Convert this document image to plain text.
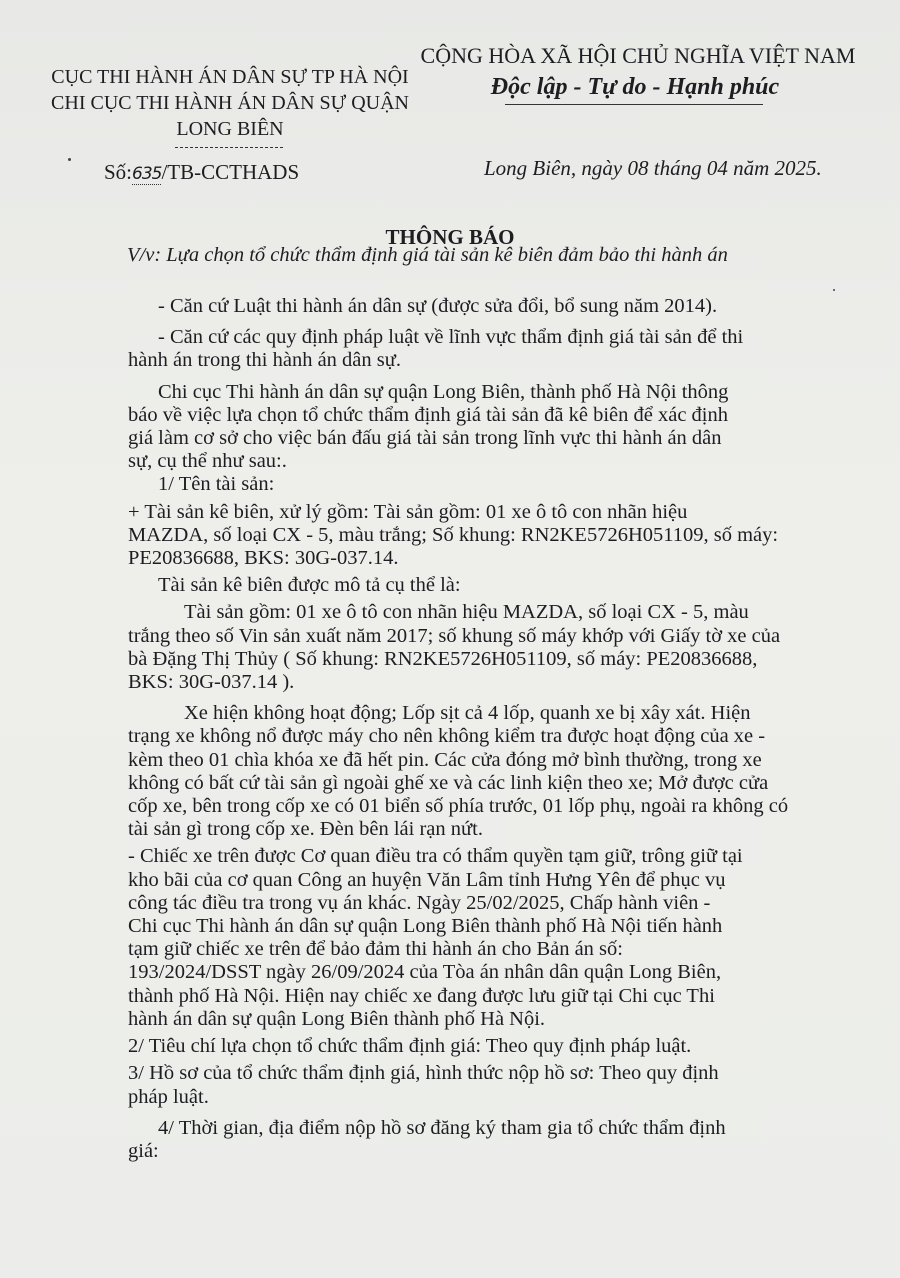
CỤC THI HÀNH ÁN DÂN SỰ TP HÀ NỘI
CHI CỤC THI HÀNH ÁN DÂN SỰ QUẬN
LONG BIÊN
Số:635/TB-CCTHADS
CỘNG HÒA XÃ HỘI CHỦ NGHĨA VIỆT NAM
Độc lập - Tự do - Hạnh phúc
Long Biên, ngày 08 tháng 04 năm 2025.
THÔNG BÁO
V/v: Lựa chọn tổ chức thẩm định giá tài sản kê biên đảm bảo thi hành án
- Căn cứ Luật thi hành án dân sự (được sửa đổi, bổ sung năm 2014).
- Căn cứ các quy định pháp luật về lĩnh vực thẩm định giá tài sản để thi
hành án trong thi hành án dân sự.
Chi cục Thi hành án dân sự quận Long Biên, thành phố Hà Nội thông
báo về việc lựa chọn tổ chức thẩm định giá tài sản đã kê biên để xác định
giá làm cơ sở cho việc bán đấu giá tài sản trong lĩnh vực thi hành án dân
sự, cụ thể như sau:.
1/ Tên tài sản:
+ Tài sản kê biên, xử lý gồm: Tài sản gồm: 01 xe ô tô con nhãn hiệu
MAZDA, số loại CX - 5, màu trắng; Số khung: RN2KE5726H051109, số máy:
PE20836688, BKS: 30G-037.14.
Tài sản kê biên được mô tả cụ thể là:
Tài sản gồm: 01 xe ô tô con nhãn hiệu MAZDA, số loại CX - 5, màu
trắng theo số Vin sản xuất năm 2017; số khung số máy khớp với Giấy tờ xe của
bà Đặng Thị Thủy ( Số khung: RN2KE5726H051109, số máy: PE20836688,
BKS: 30G-037.14 ).
Xe hiện không hoạt động; Lốp sịt cả 4 lốp, quanh xe bị xây xát. Hiện
trạng xe không nổ được máy cho nên không kiểm tra được hoạt động của xe -
kèm theo 01 chìa khóa xe đã hết pin. Các cửa đóng mở bình thường, trong xe
không có bất cứ tài sản gì ngoài ghế xe và các linh kiện theo xe; Mở được cửa
cốp xe, bên trong cốp xe có 01 biển số phía trước, 01 lốp phụ, ngoài ra không có
tài sản gì trong cốp xe. Đèn bên lái rạn nứt.
- Chiếc xe trên được Cơ quan điều tra có thẩm quyền tạm giữ, trông giữ tại
kho bãi của cơ quan Công an huyện Văn Lâm tỉnh Hưng Yên để phục vụ
công tác điều tra trong vụ án khác. Ngày 25/02/2025, Chấp hành viên -
Chi cục Thi hành án dân sự quận Long Biên thành phố Hà Nội tiến hành
tạm giữ chiếc xe trên để bảo đảm thi hành án cho Bản án số:
193/2024/DSST ngày 26/09/2024 của Tòa án nhân dân quận Long Biên,
thành phố Hà Nội. Hiện nay chiếc xe đang được lưu giữ tại Chi cục Thi
hành án dân sự quận Long Biên thành phố Hà Nội.
2/ Tiêu chí lựa chọn tổ chức thẩm định giá: Theo quy định pháp luật.
3/ Hồ sơ của tổ chức thẩm định giá, hình thức nộp hồ sơ: Theo quy định
pháp luật.
4/ Thời gian, địa điểm nộp hồ sơ đăng ký tham gia tổ chức thẩm định
giá:
